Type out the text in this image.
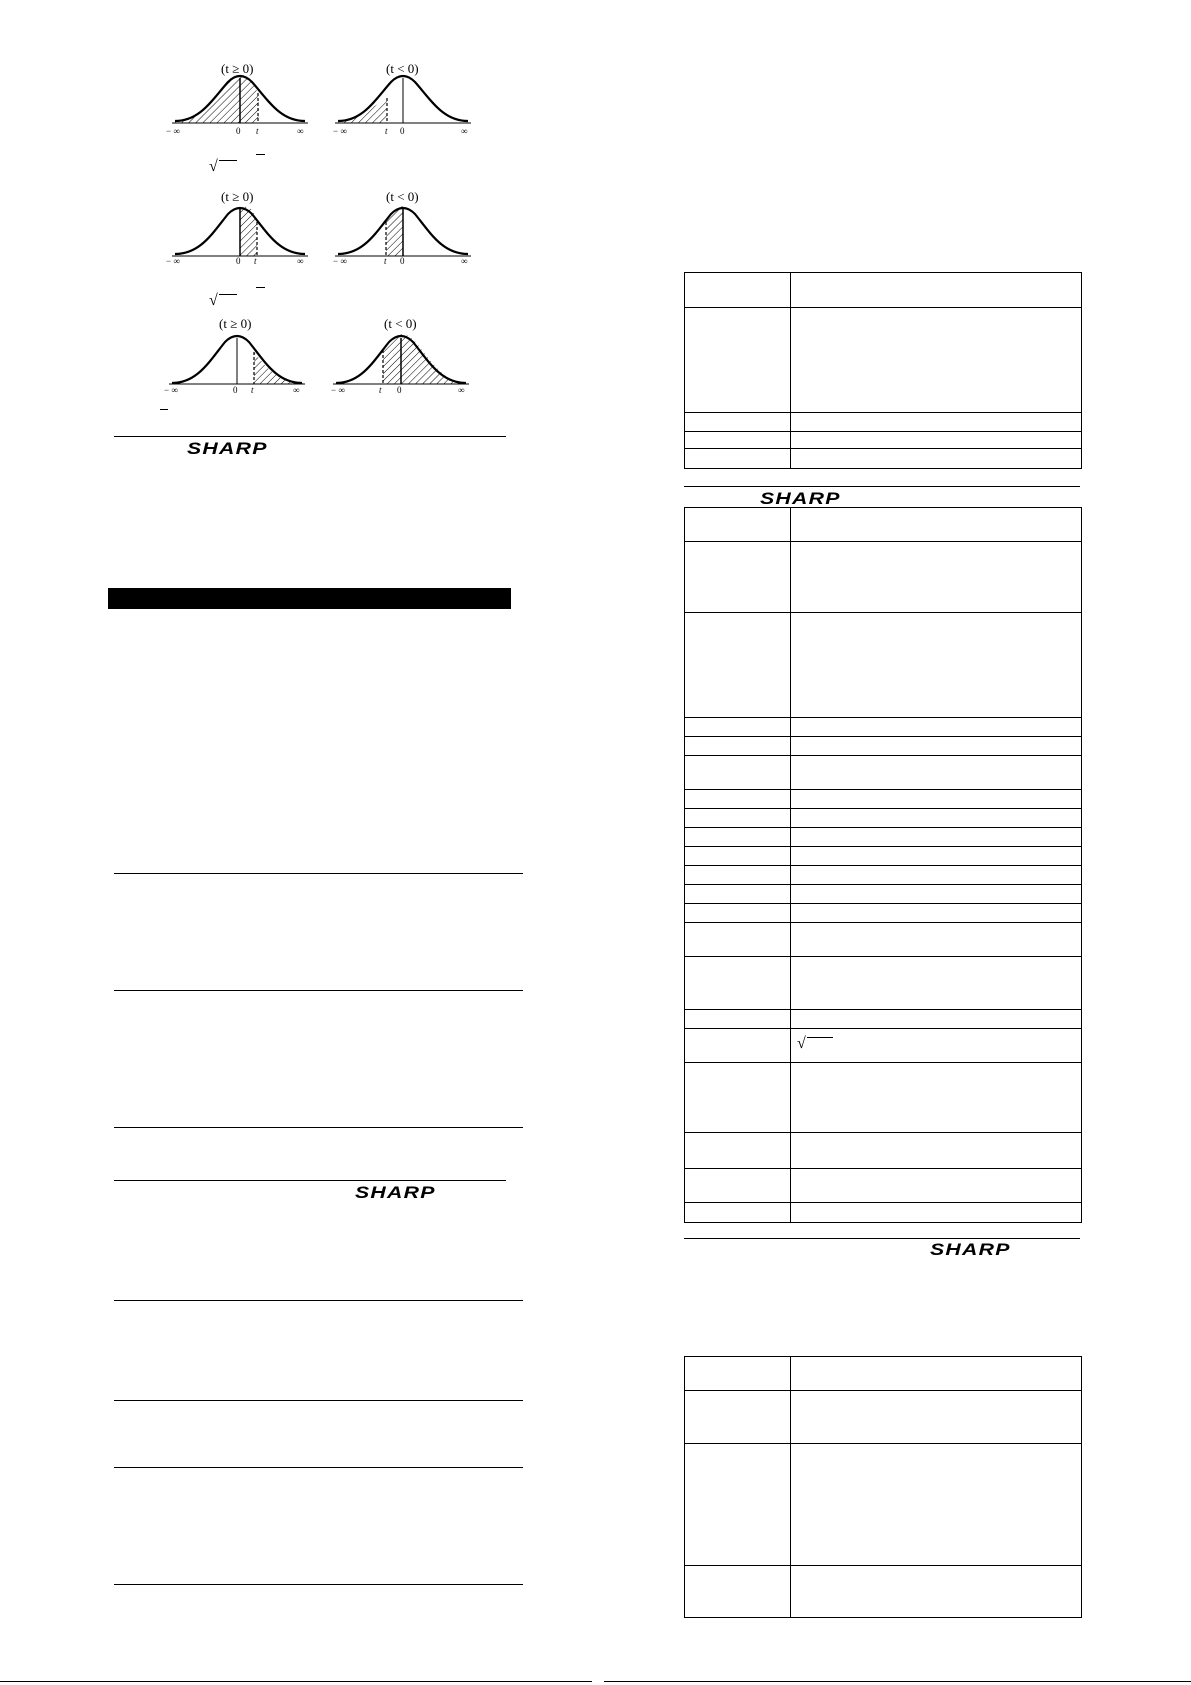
(t ≥ 0)	(t < 0)
(t ≥ 0)	(t < 0)
(t ≥ 0)	(t < 0)
− ∞	0 t	∞	− ∞	t 0	∞
− ∞	0 t	∞	− ∞	t 0	∞
− ∞	0 t	∞	− ∞	t 0	∞
√
√
SHARP
SHARP

SHARP

	√

SHARP
